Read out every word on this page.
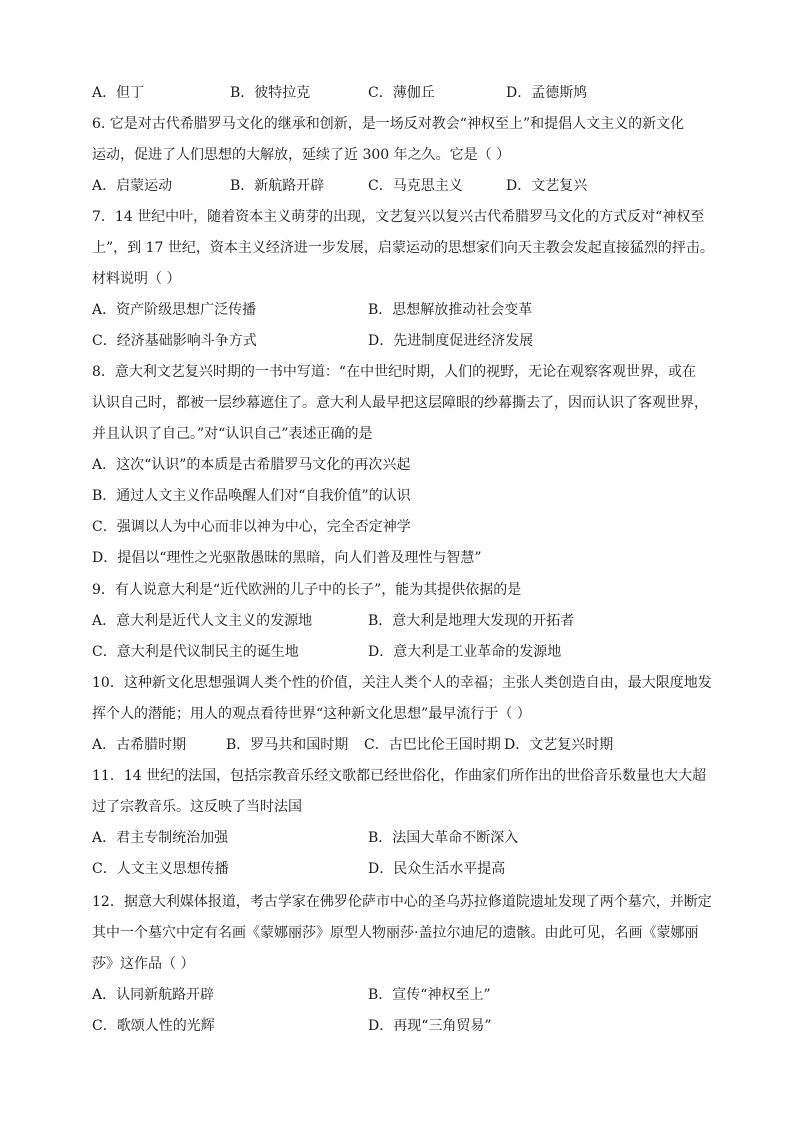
A．但丁	B．彼特拉克	C．薄伽丘	D．孟德斯鸠
6. 它是对古代希腊罗马文化的继承和创新，是一场反对教会“神权至上”和提倡人文主义的新文化
运动，促进了人们思想的大解放，延续了近 300 年之久。它是（ ）
A．启蒙运动	B．新航路开辟	C．马克思主义	D．文艺复兴
7．14 世纪中叶，随着资本主义萌芽的出现，文艺复兴以复兴古代希腊罗马文化的方式反对“神权至
上”，到 17 世纪，资本主义经济进一步发展，启蒙运动的思想家们向天主教会发起直接猛烈的抨击。
材料说明（ ）
A．资产阶级思想广泛传播	B．思想解放推动社会变革
C．经济基础影响斗争方式	D．先进制度促进经济发展
8．意大利文艺复兴时期的一书中写道：“在中世纪时期，人们的视野，无论在观察客观世界，或在
认识自己时，都被一层纱幕遮住了。意大利人最早把这层障眼的纱幕撕去了，因而认识了客观世界，
并且认识了自己。”对“认识自己”表述正确的是
A．这次“认识”的本质是古希腊罗马文化的再次兴起
B．通过人文主义作品唤醒人们对“自我价值”的认识
C．强调以人为中心而非以神为中心，完全否定神学
D．提倡以“理性之光驱散愚昧的黑暗，向人们普及理性与智慧”
9．有人说意大利是“近代欧洲的儿子中的长子”，能为其提供依据的是
A．意大利是近代人文主义的发源地	B．意大利是地理大发现的开拓者
C．意大利是代议制民主的诞生地	D．意大利是工业革命的发源地
10．这种新文化思想强调人类个性的价值，关注人类个人的幸福；主张人类创造自由，最大限度地发
挥个人的潜能；用人的观点看待世界“这种新文化思想”最早流行于（ ）
A．古希腊时期	B．罗马共和国时期 C．古巴比伦王国时期 D．文艺复兴时期
11．14 世纪的法国，包括宗教音乐经文歌都已经世俗化，作曲家们所作出的世俗音乐数量也大大超
过了宗教音乐。这反映了当时法国
A．君主专制统治加强	B．法国大革命不断深入
C．人文主义思想传播	D．民众生活水平提高
12．据意大利媒体报道，考古学家在佛罗伦萨市中心的圣乌苏拉修道院遗址发现了两个墓穴，并断定
其中一个墓穴中定有名画《蒙娜丽莎》原型人物丽莎·盖拉尔迪尼的遗骸。由此可见，名画《蒙娜丽
莎》这作品（ ）
A．认同新航路开辟	B．宣传“神权至上”
C．歌颂人性的光辉	D．再现“三角贸易”
